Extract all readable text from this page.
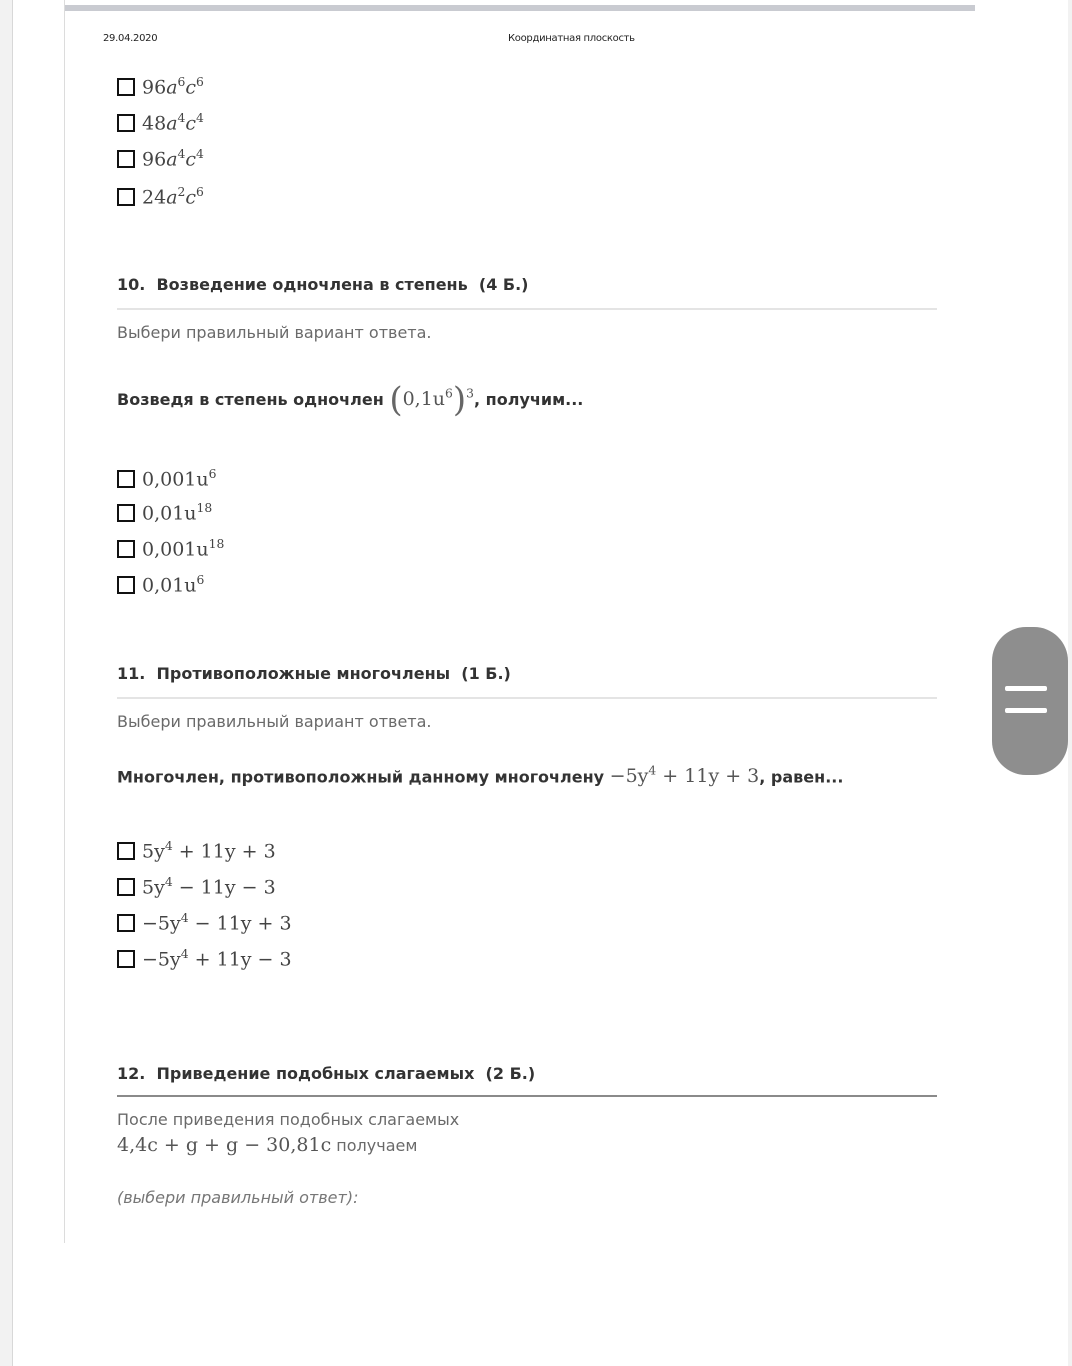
29.04.2020	Координатная плоскость
$96a^6c^6$
$48a^4c^4$
$96a^4c^4$
$24a^2c^6$
10. Возведение одночлена в степень (4 Б.)
Выбери правильный вариант ответа.
Возведя в степень одночлен $(0,1u^6)^3$, получим...
$0,001u^6$
$0,01u^{18}$
$0,001u^{18}$
$0,01u^6$
11. Противоположные многочлены (1 Б.)
Выбери правильный вариант ответа.
Многочлен, противоположный данному многочлену $-5y^4 + 11y + 3$, равен...
$5y^4 + 11y + 3$
$5y^4 - 11y - 3$
$-5y^4 - 11y + 3$
$-5y^4 + 11y - 3$
12. Приведение подобных слагаемых (2 Б.)
После приведения подобных слагаемых
4,4c + g + g − 30,81c получаем
(выбери правильный ответ):
